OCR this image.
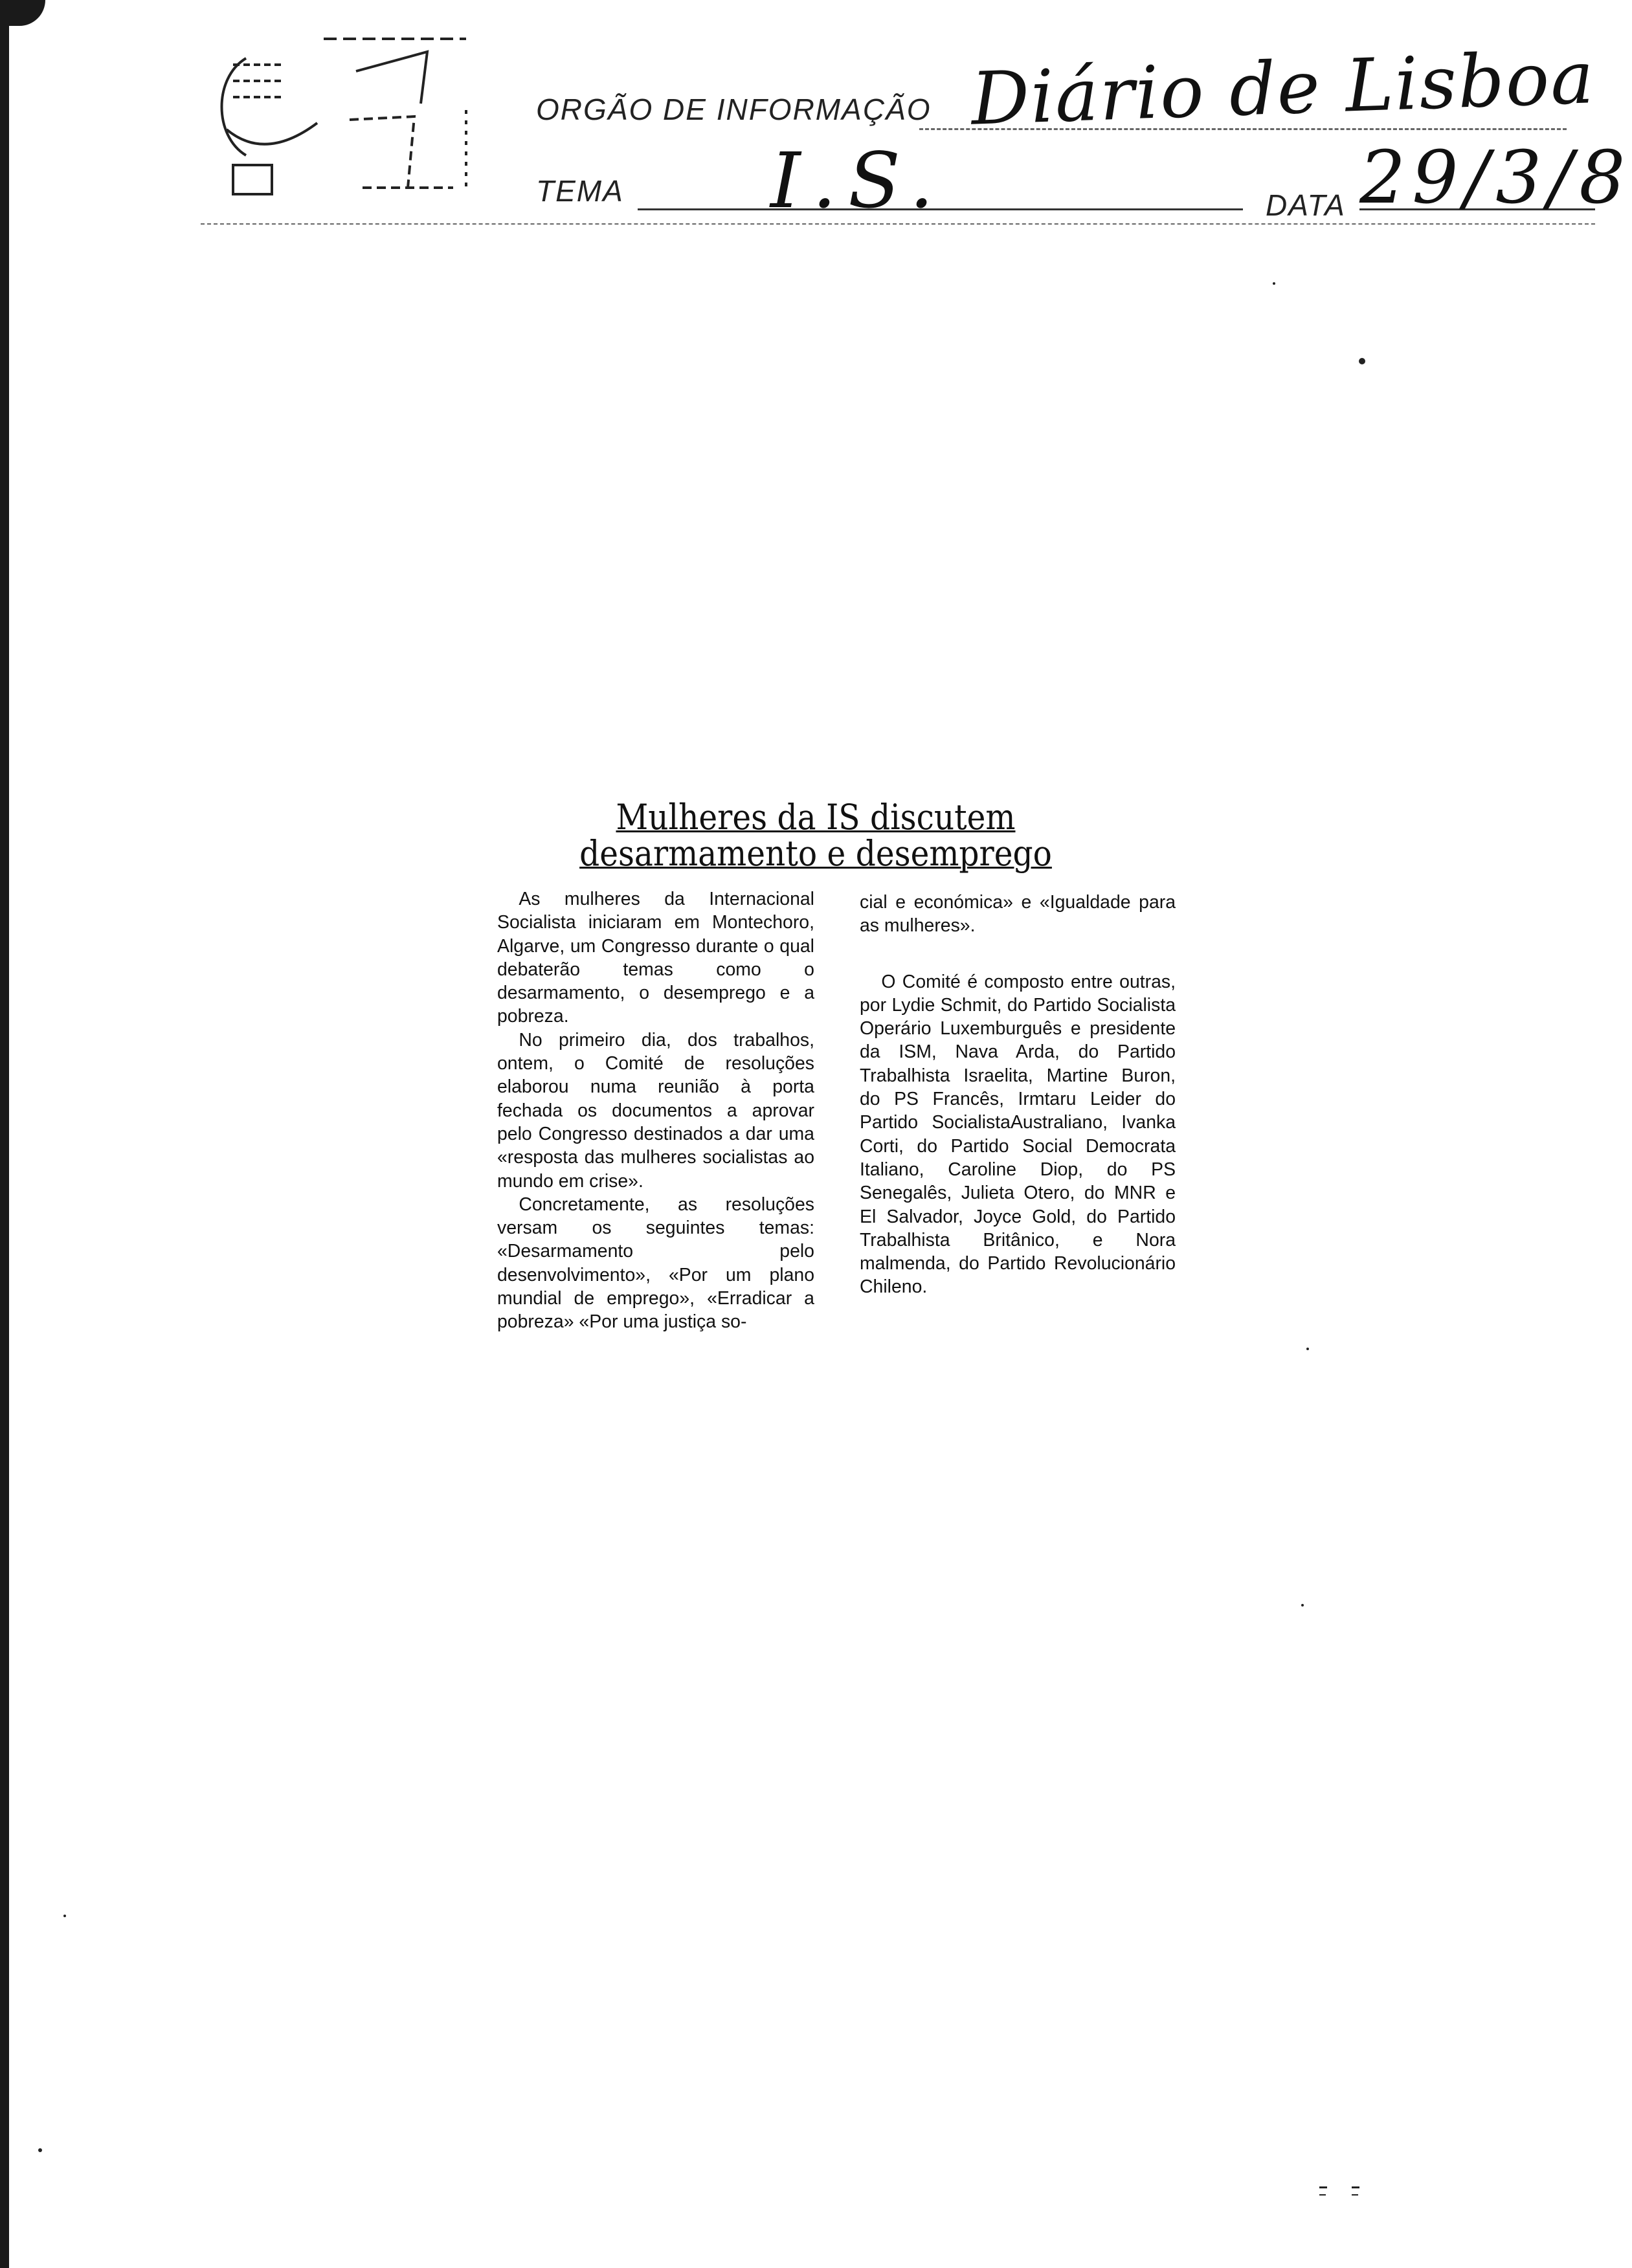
ORGÃO DE INFORMAÇÃO Diário de Lisboa
TEMA I.S.	DATA 29/3/8
Mulheres da IS discutem
desarmamento e desemprego

As mulheres da Internacional Socialista iniciaram em Montechoro, Algarve, um Congresso durante o qual debaterão temas como o desarmamento, o desemprego e a pobreza.

No primeiro dia, dos trabalhos, ontem, o Comité de resoluções elaborou numa reunião à porta fechada os documentos a aprovar pelo Congresso destinados a dar uma «resposta das mulheres socialistas ao mundo em crise».

Concretamente, as resoluções versam os seguintes temas: «Desarmamento pelo desenvolvimento», «Por um plano mundial de emprego», «Erradicar a pobreza» «Por uma justiça so-

cial e económica» e «Igualdade para as mulheres».

O Comité é composto entre outras, por Lydie Schmit, do Partido Socialista Operário Luxemburguês e presidente da ISM, Nava Arda, do Partido Trabalhista Israelita, Martine Buron, do PS Francês, Irmtaru Leider do Partido SocialistaAustraliano, Ivanka Corti, do Partido Social Democrata Italiano, Caroline Diop, do PS Senegalês, Julieta Otero, do MNR e El Salvador, Joyce Gold, do Partido Trabalhista Britânico, e Nora malmenda, do Partido Revolucionário Chileno.
